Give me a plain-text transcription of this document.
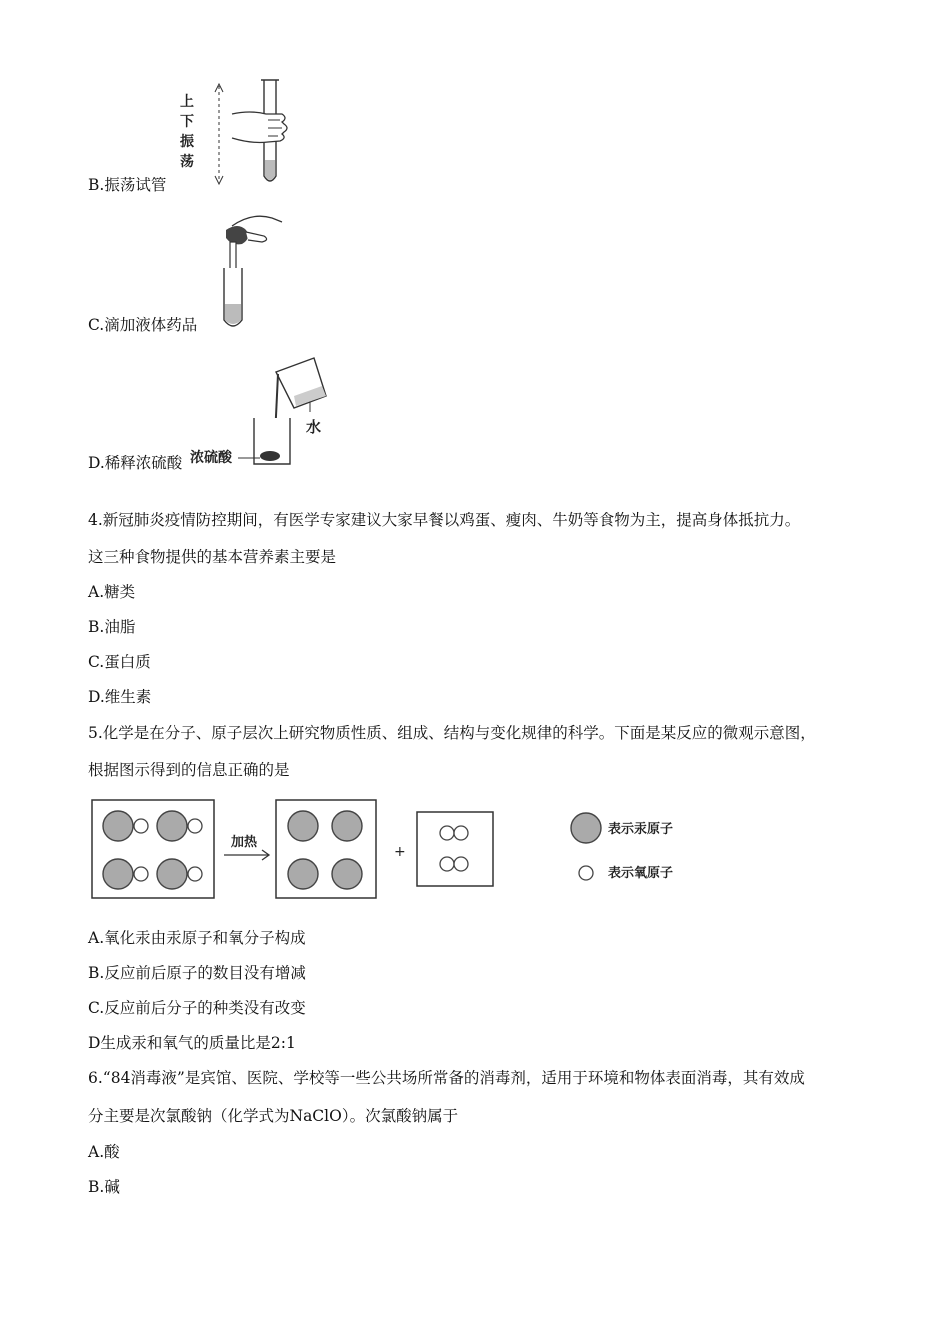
上
下
振
荡
B.振荡试管
C.滴加液体药品
水
浓硫酸
D.稀释浓硫酸
4.新冠肺炎疫情防控期间，有医学专家建议大家早餐以鸡蛋、瘦肉、牛奶等食物为主，提高身体抵抗力。
这三种食物提供的基本营养素主要是
A.糖类
B.油脂
C.蛋白质
D.维生素
5.化学是在分子、原子层次上研究物质性质、组成、结构与变化规律的科学。下面是某反应的微观示意图，
根据图示得到的信息正确的是
加热
+
表示汞原子
表示氧原子
A.氧化汞由汞原子和氧分子构成
B.反应前后原子的数目没有增减
C.反应前后分子的种类没有改变
D生成汞和氧气的质量比是2:1
6.“84消毒液”是宾馆、医院、学校等一些公共场所常备的消毒剂，适用于环境和物体表面消毒，其有效成
分主要是次氯酸钠（化学式为NaClO）。次氯酸钠属于
A.酸
B.碱
